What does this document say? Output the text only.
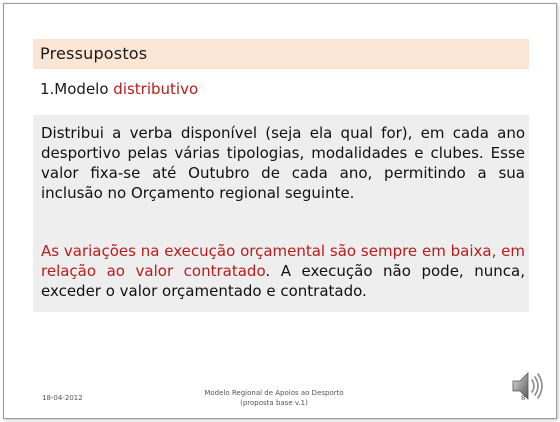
Pressupostos
1.Modelo distributivo
Distribui a verba disponível (seja ela qual for), em cada ano desportivo pelas várias tipologias, modalidades e clubes. Esse valor fixa-se até Outubro de cada ano, permitindo a sua inclusão no Orçamento regional seguinte.
As variações na execução orçamental são sempre em baixa, em relação ao valor contratado. A execução não pode, nunca, exceder o valor orçamentado e contratado.
18-04-2012
Modelo Regional de Apoios ao Desporto
(proposta base v.1)
8
